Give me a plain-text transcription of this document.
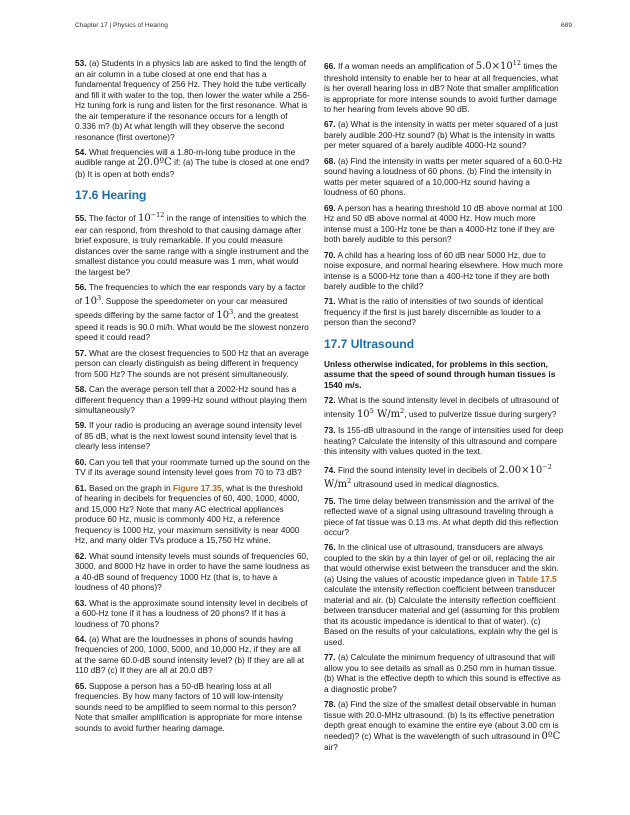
Chapter 17 | Physics of Hearing	689

53. (a) Students in a physics lab are asked to find the length of an air column in a tube closed at one end that has a fundamental frequency of 256 Hz. They hold the tube vertically and fill it with water to the top, then lower the water while a 256-Hz tuning fork is rung and listen for the first resonance. What is the air temperature if the resonance occurs for a length of 0.336 m? (b) At what length will they observe the second resonance (first overtone)?

54. What frequencies will a 1.80-m-long tube produce in the audible range at 20.0ºC if: (a) The tube is closed at one end? (b) It is open at both ends?

17.6 Hearing

55. The factor of $10^{-12}$ in the range of intensities to which the ear can respond, from threshold to that causing damage after brief exposure, is truly remarkable. If you could measure distances over the same range with a single instrument and the smallest distance you could measure was 1 mm, what would the largest be?

56. The frequencies to which the ear responds vary by a factor of $10^3$. Suppose the speedometer on your car measured speeds differing by the same factor of $10^3$, and the greatest speed it reads is 90.0 mi/h. What would be the slowest nonzero speed it could read?

57. What are the closest frequencies to 500 Hz that an average person can clearly distinguish as being different in frequency from 500 Hz? The sounds are not present simultaneously.

58. Can the average person tell that a 2002-Hz sound has a different frequency than a 1999-Hz sound without playing them simultaneously?

59. If your radio is producing an average sound intensity level of 85 dB, what is the next lowest sound intensity level that is clearly less intense?

60. Can you tell that your roommate turned up the sound on the TV if its average sound intensity level goes from 70 to 73 dB?

61. Based on the graph in Figure 17.35, what is the threshold of hearing in decibels for frequencies of 60, 400, 1000, 4000, and 15,000 Hz? Note that many AC electrical appliances produce 60 Hz, music is commonly 400 Hz, a reference frequency is 1000 Hz, your maximum sensitivity is near 4000 Hz, and many older TVs produce a 15,750 Hz whine.

62. What sound intensity levels must sounds of frequencies 60, 3000, and 8000 Hz have in order to have the same loudness as a 40-dB sound of frequency 1000 Hz (that is, to have a loudness of 40 phons)?

63. What is the approximate sound intensity level in decibels of a 600-Hz tone if it has a loudness of 20 phons? If it has a loudness of 70 phons?

64. (a) What are the loudnesses in phons of sounds having frequencies of 200, 1000, 5000, and 10,000 Hz, if they are all at the same 60.0-dB sound intensity level? (b) If they are all at 110 dB? (c) If they are all at 20.0 dB?

65. Suppose a person has a 50-dB hearing loss at all frequencies. By how many factors of 10 will low-intensity sounds need to be amplified to seem normal to this person? Note that smaller amplification is appropriate for more intense sounds to avoid further hearing damage.

66. If a woman needs an amplification of $5.0\times 10^{12}$ times the threshold intensity to enable her to hear at all frequencies, what is her overall hearing loss in dB? Note that smaller amplification is appropriate for more intense sounds to avoid further damage to her hearing from levels above 90 dB.

67. (a) What is the intensity in watts per meter squared of a just barely audible 200-Hz sound? (b) What is the intensity in watts per meter squared of a barely audible 4000-Hz sound?

68. (a) Find the intensity in watts per meter squared of a 60.0-Hz sound having a loudness of 60 phons. (b) Find the intensity in watts per meter squared of a 10,000-Hz sound having a loudness of 60 phons.

69. A person has a hearing threshold 10 dB above normal at 100 Hz and 50 dB above normal at 4000 Hz. How much more intense must a 100-Hz tone be than a 4000-Hz tone if they are both barely audible to this person?

70. A child has a hearing loss of 60 dB near 5000 Hz, due to noise exposure, and normal hearing elsewhere. How much more intense is a 5000-Hz tone than a 400-Hz tone if they are both barely audible to the child?

71. What is the ratio of intensities of two sounds of identical frequency if the first is just barely discernible as louder to a person than the second?

17.7 Ultrasound

Unless otherwise indicated, for problems in this section, assume that the speed of sound through human tissues is 1540 m/s.

72. What is the sound intensity level in decibels of ultrasound of intensity $10^5$ $W/m^2$, used to pulverize tissue during surgery?

73. Is 155-dB ultrasound in the range of intensities used for deep heating? Calculate the intensity of this ultrasound and compare this intensity with values quoted in the text.

74. Find the sound intensity level in decibels of $2.00\times 10^{-2}$ $W/m^2$ ultrasound used in medical diagnostics.

75. The time delay between transmission and the arrival of the reflected wave of a signal using ultrasound traveling through a piece of fat tissue was 0.13 ms. At what depth did this reflection occur?

76. In the clinical use of ultrasound, transducers are always coupled to the skin by a thin layer of gel or oil, replacing the air that would otherwise exist between the transducer and the skin. (a) Using the values of acoustic impedance given in Table 17.5 calculate the intensity reflection coefficient between transducer material and air. (b) Calculate the intensity reflection coefficient between transducer material and gel (assuming for this problem that its acoustic impedance is identical to that of water). (c) Based on the results of your calculations, explain why the gel is used.

77. (a) Calculate the minimum frequency of ultrasound that will allow you to see details as small as 0.250 mm in human tissue. (b) What is the effective depth to which this sound is effective as a diagnostic probe?

78. (a) Find the size of the smallest detail observable in human tissue with 20.0-MHz ultrasound. (b) Is its effective penetration depth great enough to examine the entire eye (about 3.00 cm is needed)? (c) What is the wavelength of such ultrasound in 0ºC air?
